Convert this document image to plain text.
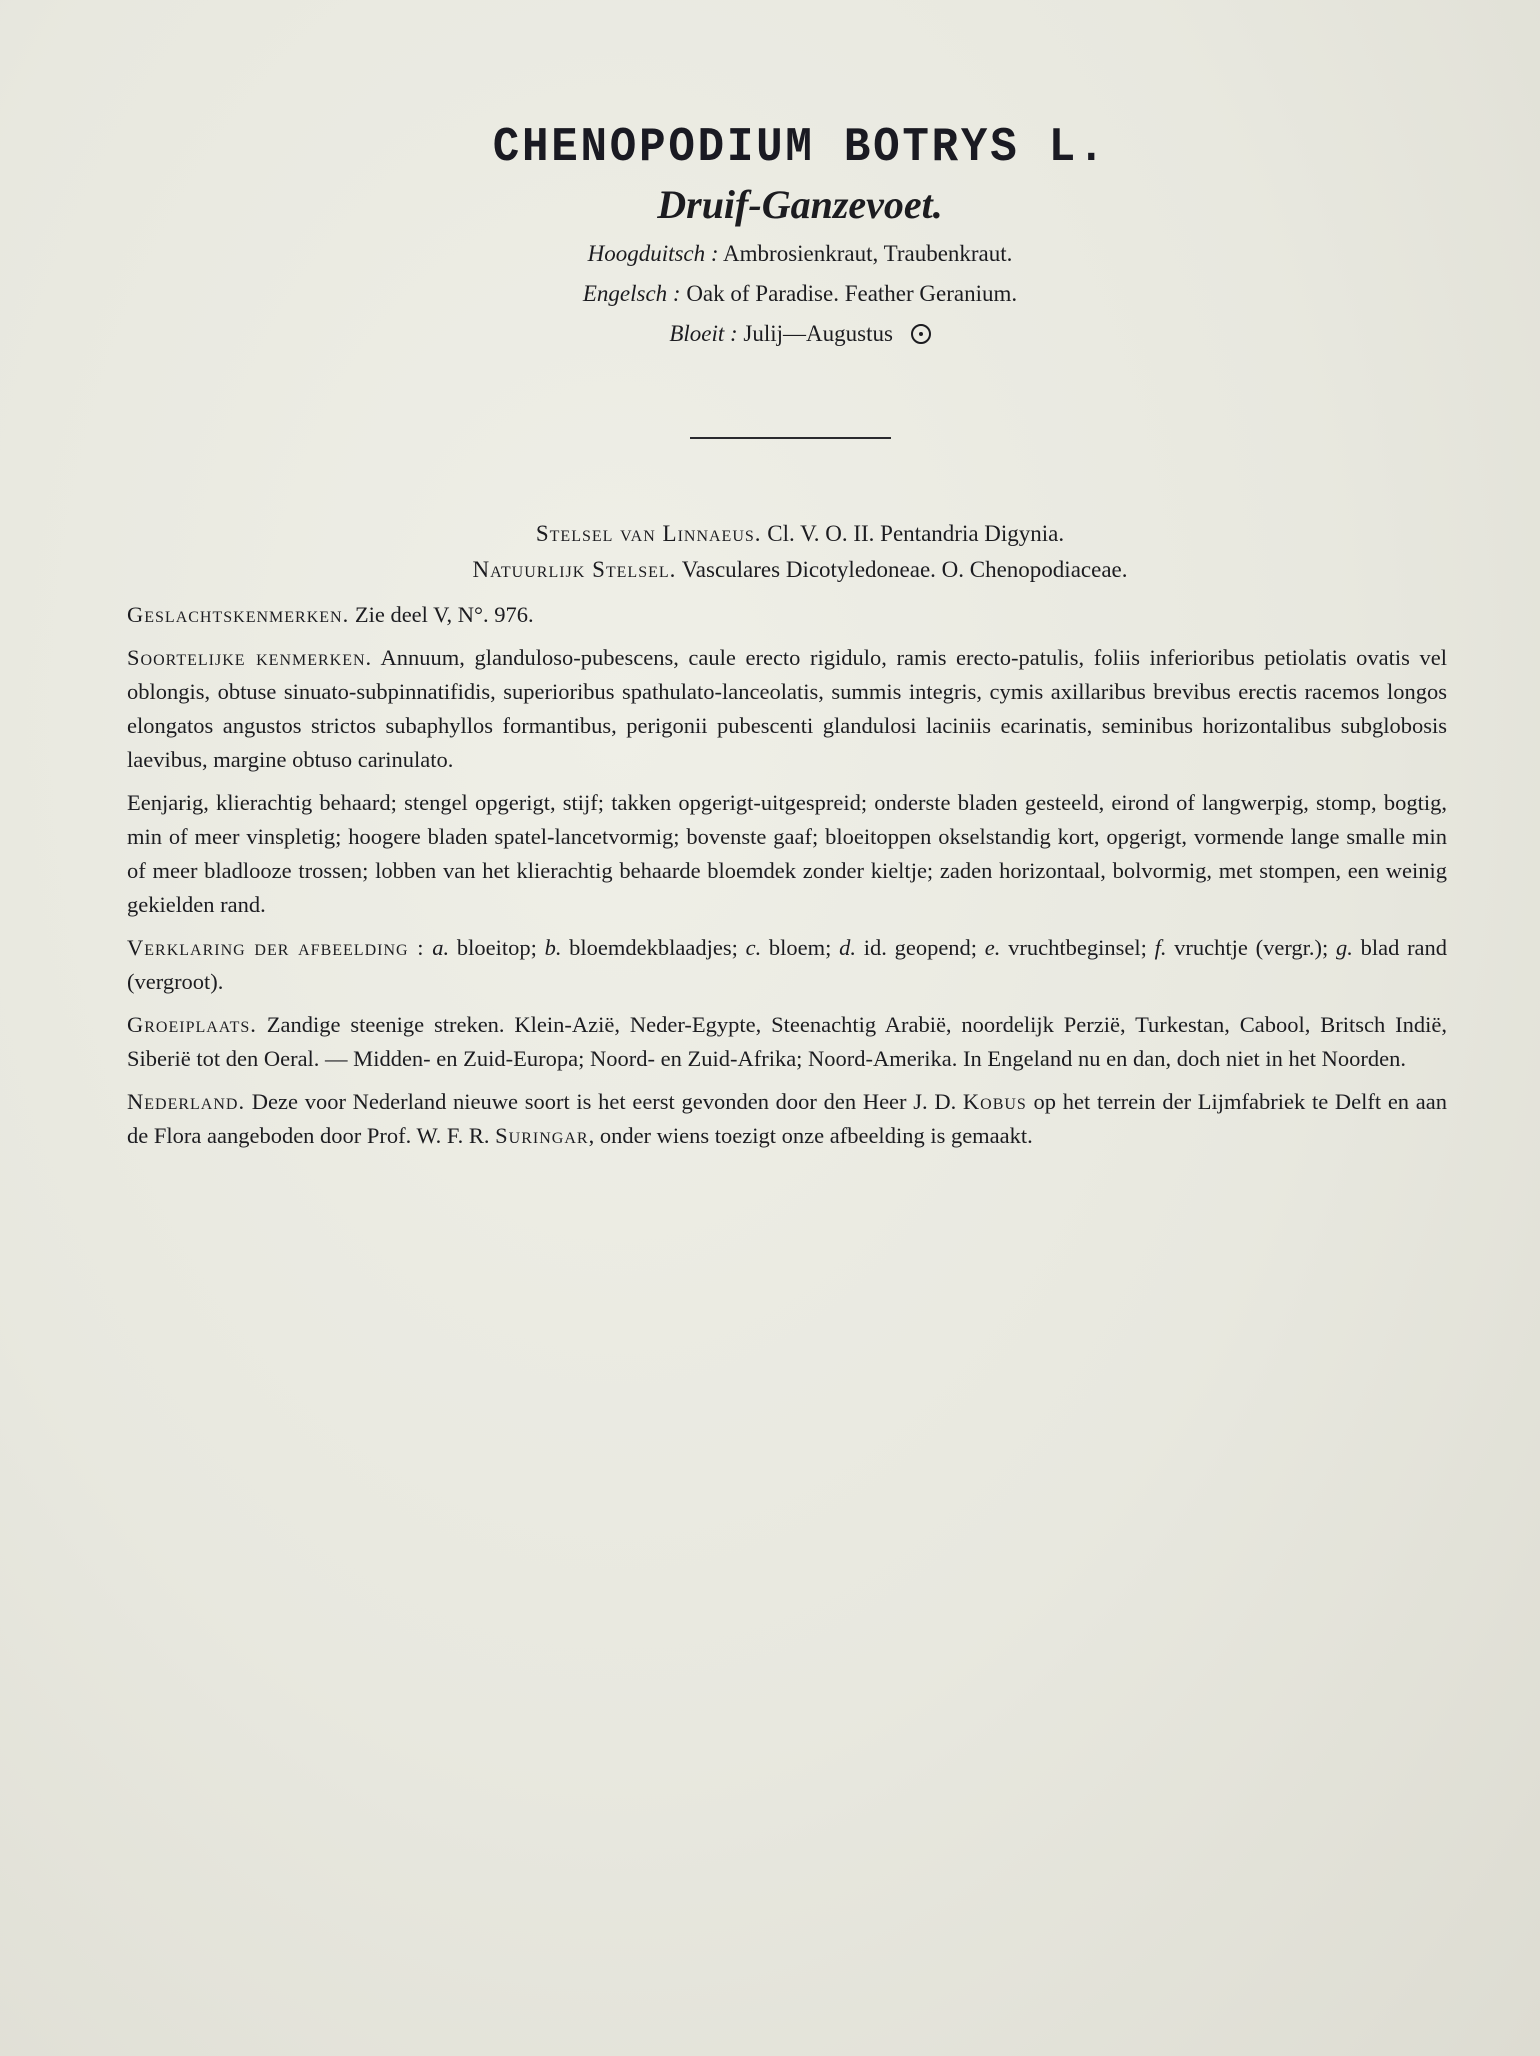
CHENOPODIUM BOTRYS L.
Druif-Ganzevoet.
Hoogduitsch : Ambrosienkraut, Traubenkraut.
Engelsch : Oak of Paradise. Feather Geranium.
Bloeit : Julij—Augustus
Stelsel van Linnaeus. Cl. V. O. II. Pentandria Digynia.
Natuurlijk Stelsel. Vasculares Dicotyledoneae. O. Chenopodiaceae.

Geslachtskenmerken. Zie deel V, N°. 976.

Soortelijke kenmerken. Annuum, glanduloso-pubescens, caule erecto rigidulo, ramis erecto-patulis, foliis inferioribus petiolatis ovatis vel oblongis, obtuse sinuato-subpinnatifidis, superioribus spathulato-lanceolatis, summis integris, cymis axillaribus brevibus erectis racemos longos elongatos angustos strictos subaphyllos formantibus, perigonii pubescenti glandulosi laciniis ecarinatis, seminibus horizontalibus subglobosis laevibus, margine obtuso carinulato.

Eenjarig, klierachtig behaard; stengel opgerigt, stijf; takken opgerigt-uitgespreid; onderste bladen gesteeld, eirond of langwerpig, stomp, bogtig, min of meer vinspletig; hoogere bladen spatel-lancetvormig; bovenste gaaf; bloeitoppen okselstandig kort, opgerigt, vormende lange smalle min of meer bladlooze trossen; lobben van het klierachtig behaarde bloemdek zonder kieltje; zaden horizontaal, bolvormig, met stompen, een weinig gekielden rand.

Verklaring der afbeelding : a. bloeitop; b. bloemdekblaadjes; c. bloem; d. id. geopend; e. vruchtbeginsel; f. vruchtje (vergr.); g. blad rand (vergroot).

Groeiplaats. Zandige steenige streken. Klein-Azië, Neder-Egypte, Steenachtig Arabië, noordelijk Perzië, Turkestan, Cabool, Britsch Indië, Siberië tot den Oeral. — Midden- en Zuid-Europa; Noord- en Zuid-Afrika; Noord-Amerika. In Engeland nu en dan, doch niet in het Noorden.

Nederland. Deze voor Nederland nieuwe soort is het eerst gevonden door den Heer J. D. Kobus op het terrein der Lijmfabriek te Delft en aan de Flora aangeboden door Prof. W. F. R. Suringar, onder wiens toezigt onze afbeelding is gemaakt.
